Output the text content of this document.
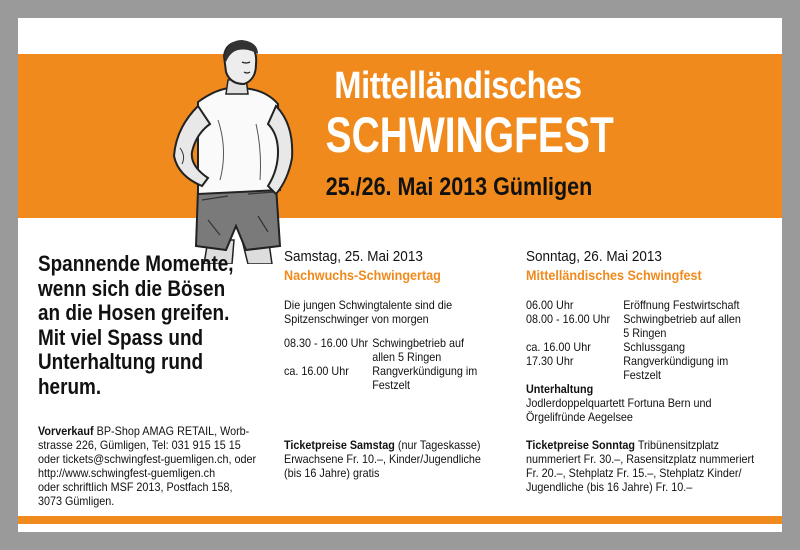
Mittelländisches
SCHWINGFEST
25./26. Mai 2013 Gümligen
Spannende Momente,
wenn sich die Bösen
an die Hosen greifen.
Mit viel Spass und
Unterhaltung rund
herum.
Vorverkauf BP-Shop AMAG RETAIL, Worb-
strasse 226, Gümligen, Tel: 031 915 15 15
oder tickets@schwingfest-guemligen.ch, oder
http://www.schwingfest-guemligen.ch
oder schriftlich MSF 2013, Postfach 158,
3073 Gümligen.
Samstag, 25. Mai 2013
Nachwuchs-Schwingertag
Die jungen Schwingtalente sind die
Spitzenschwinger von morgen
08.30 - 16.00 Uhr Schwingbetrieb auf
allen 5 Ringen
ca. 16.00 Uhr	Rangverkündigung im
Festzelt
Ticketpreise Samstag (nur Tageskasse)
Erwachsene Fr. 10.–, Kinder/Jugendliche
(bis 16 Jahre) gratis
Sonntag, 26. Mai 2013
Mittelländisches Schwingfest
06.00 Uhr	Eröffnung Festwirtschaft
08.00 - 16.00 Uhr	Schwingbetrieb auf allen
5 Ringen
ca. 16.00 Uhr	Schlussgang
17.30 Uhr	Rangverkündigung im
Festzelt
Unterhaltung
Jodlerdoppelquartett Fortuna Bern und
Örgelifründe Aegelsee
Ticketpreise Sonntag Tribünensitzplatz
nummeriert Fr. 30.–, Rasensitzplatz nummeriert
Fr. 20.–, Stehplatz Fr. 15.–, Stehplatz Kinder/
Jugendliche (bis 16 Jahre) Fr. 10.–
